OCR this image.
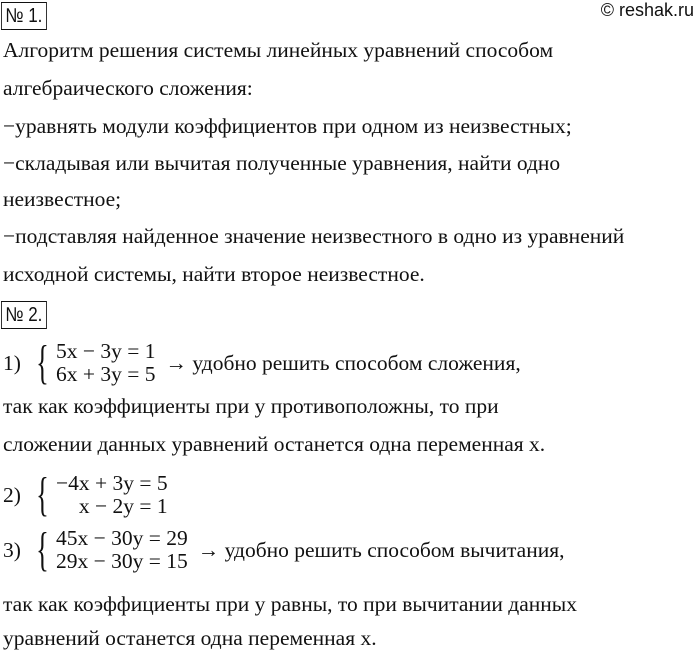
© reshak.ru
№ 1.
Алгоритм решения системы линейных уравнений способом
алгебраического сложения:
−уравнять модули коэффициентов при одном из неизвестных;
−складывая или вычитая полученные уравнения, найти одно
неизвестное;
−подставляя найденное значение неизвестного в одно из уравнений
исходной системы, найти второе неизвестное.
№ 2.
1) { 5x − 3y = 1
6x + 3y = 5 → удобно решить способом сложения,
так как коэффициенты при y противоположны, то при
сложении данных уравнений останется одна переменная x.
2) { −4x + 3y = 5
x − 2y = 1
3) { 45x − 30y = 29
29x − 30y = 15 → удобно решить способом вычитания,
так как коэффициенты при y равны, то при вычитании данных
уравнений останется одна переменная x.
